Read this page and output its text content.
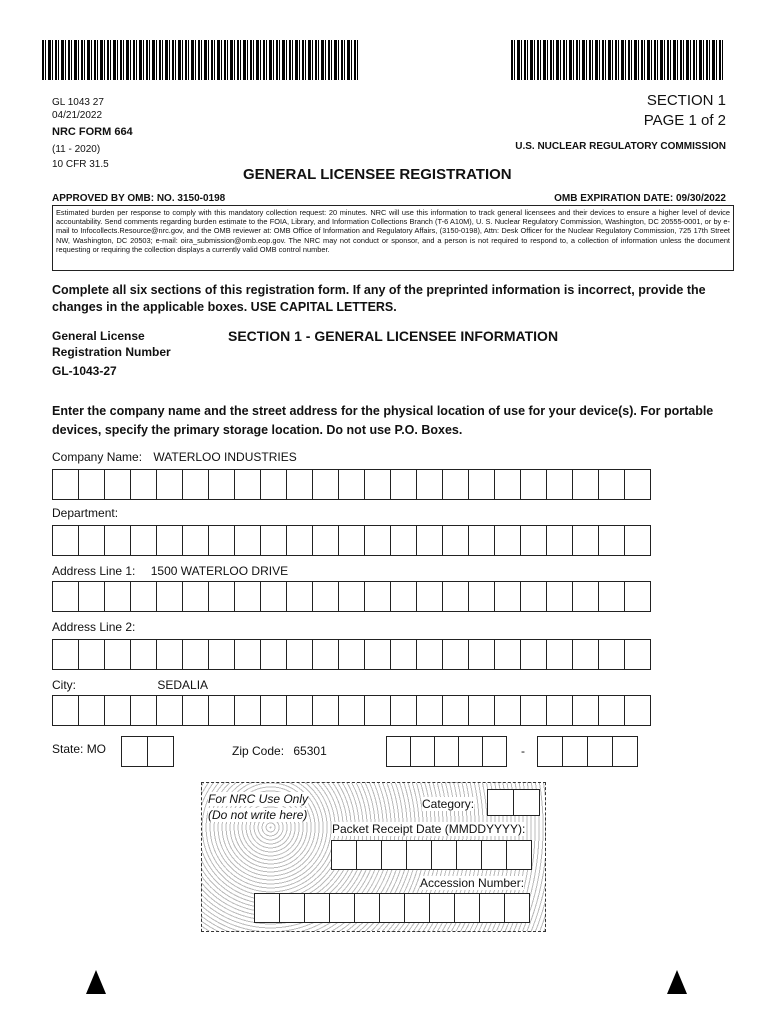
GL 1043 27
04/21/2022
NRC FORM 664
(11 - 2020)
10 CFR 31.5
SECTION 1
PAGE 1 of 2
U.S. NUCLEAR REGULATORY COMMISSION
GENERAL LICENSEE REGISTRATION
APPROVED BY OMB: NO. 3150-0198	OMB EXPIRATION DATE: 09/30/2022
Estimated burden per response to comply with this mandatory collection request: 20 minutes. NRC will use this information to track general licensees and their devices to ensure a higher level of device accountability. Send comments regarding burden estimate to the FOIA, Library, and Information Collections Branch (T-6 A10M), U. S. Nuclear Regulatory Commission, Washington, DC 20555-0001, or by e-mail to Infocollects.Resource@nrc.gov, and the OMB reviewer at: OMB Office of Information and Regulatory Affairs, (3150-0198), Attn: Desk Officer for the Nuclear Regulatory Commission, 725 17th Street NW, Washington, DC 20503; e-mail: oira_submission@omb.eop.gov. The NRC may not conduct or sponsor, and a person is not required to respond to, a collection of information unless the document requesting or requiring the collection displays a currently valid OMB control number.
Complete all six sections of this registration form. If any of the preprinted information is incorrect, provide the changes in the applicable boxes. USE CAPITAL LETTERS.
General License Registration Number
GL-1043-27
SECTION 1 - GENERAL LICENSEE INFORMATION
Enter the company name and the street address for the physical location of use for your device(s). For portable devices, specify the primary storage location. Do not use P.O. Boxes.
Company Name: WATERLOO INDUSTRIES
Department:
Address Line 1: 1500 WATERLOO DRIVE
Address Line 2:
City:	SEDALIA
State: MO	Zip Code: 65301	-
For NRC Use Only
(Do not write here)
Category:
Packet Receipt Date (MMDDYYYY):
Accession Number:
